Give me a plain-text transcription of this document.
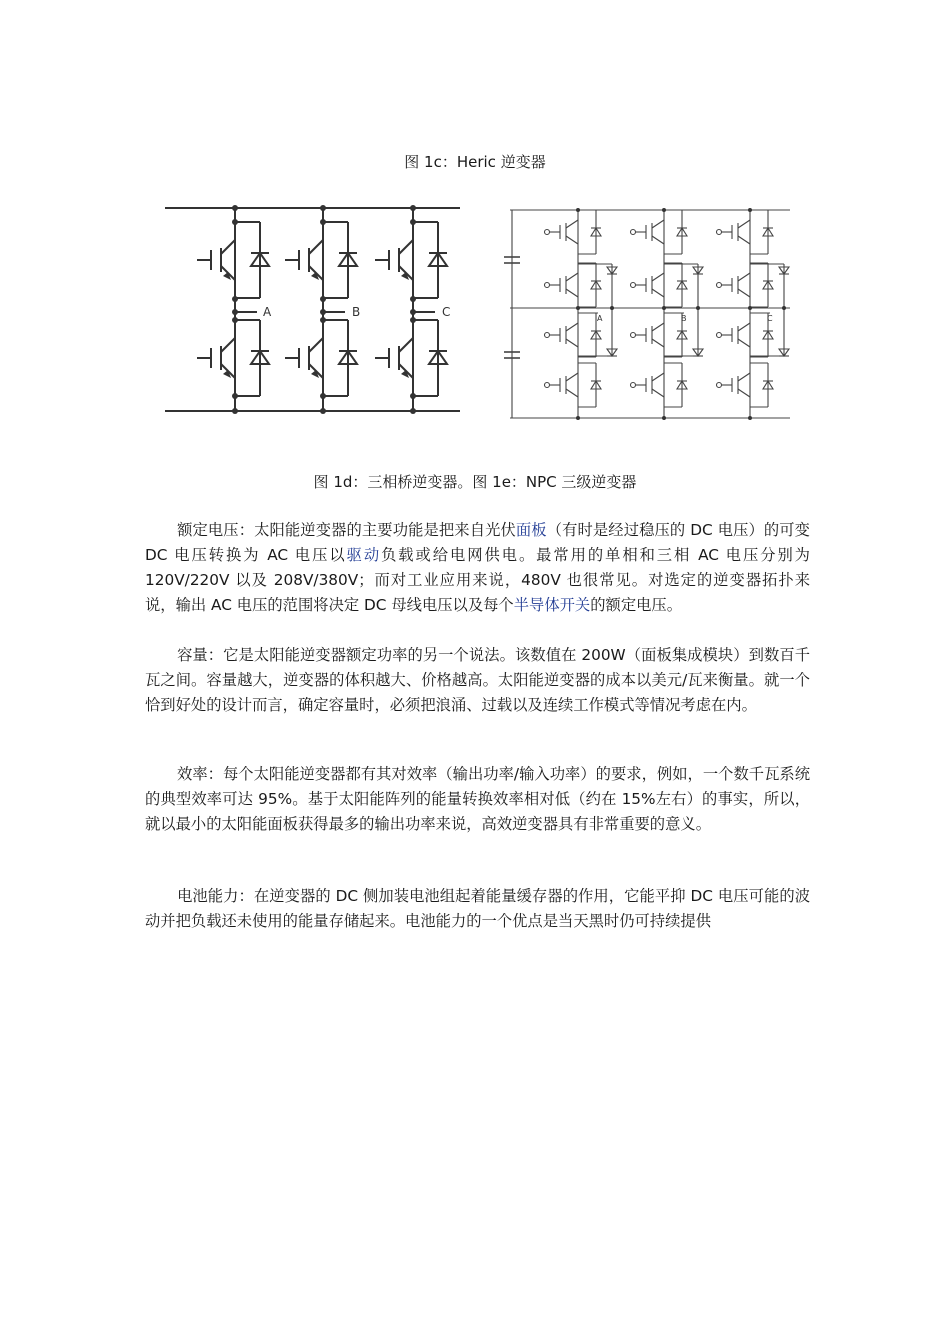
图 1c：Heric 逆变器
A	B	C	A	B	C
图 1d：三相桥逆变器。图 1e：NPC 三级逆变器

额定电压：太阳能逆变器的主要功能是把来自光伏面板（有时是经过稳压的 DC 电压）的可变 DC 电压转换为 AC 电压以驱动负载或给电网供电。最常用的单相和三相 AC 电压分别为 120V/220V 以及 208V/380V；而对工业应用来说，480V 也很常见。对选定的逆变器拓扑来说，输出 AC 电压的范围将决定 DC 母线电压以及每个半导体开关的额定电压。

容量：它是太阳能逆变器额定功率的另一个说法。该数值在 200W（面板集成模块）到数百千瓦之间。容量越大，逆变器的体积越大、价格越高。太阳能逆变器的成本以美元/瓦来衡量。就一个恰到好处的设计而言，确定容量时，必须把浪涌、过载以及连续工作模式等情况考虑在内。

效率：每个太阳能逆变器都有其对效率（输出功率/输入功率）的要求，例如，一个数千瓦系统的典型效率可达 95%。基于太阳能阵列的能量转换效率相对低（约在 15%左右）的事实，所以，就以最小的太阳能面板获得最多的输出功率来说，高效逆变器具有非常重要的意义。

电池能力：在逆变器的 DC 侧加装电池组起着能量缓存器的作用，它能平抑 DC 电压可能的波动并把负载还未使用的能量存储起来。电池能力的一个优点是当天黑时仍可持续提供
